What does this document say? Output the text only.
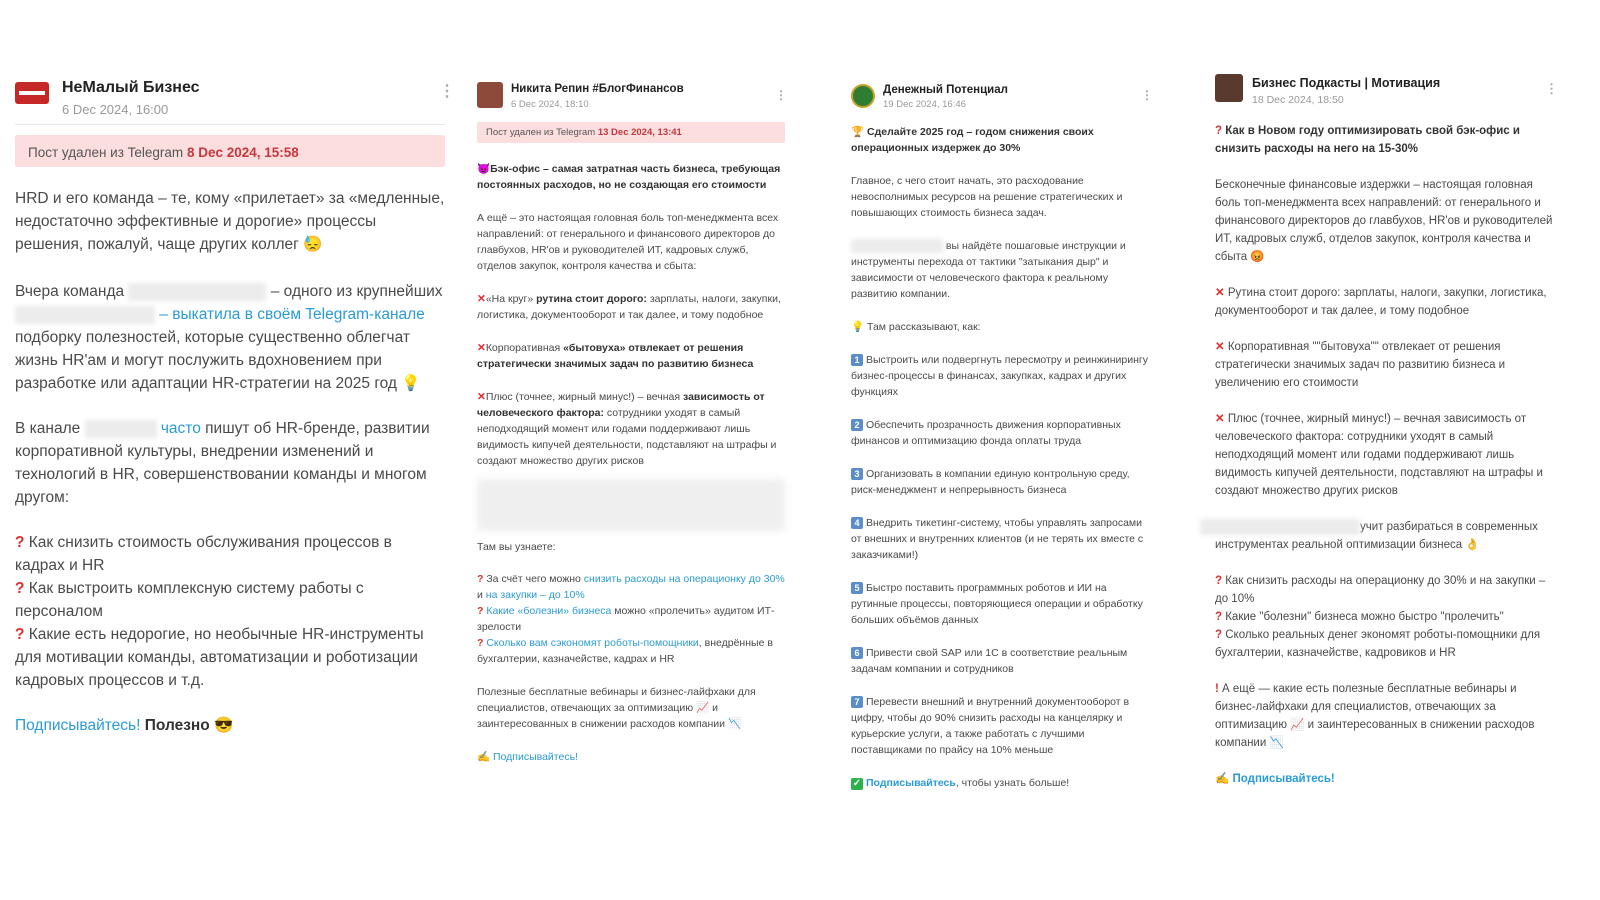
НеМалый Бизнес
6 Dec 2024, 16:00
⋮
Пост удален из Telegram 8 Dec 2024, 15:58

HRD и его команда – те, кому «прилетает» за «медленные, недостаточно эффективные и дорогие» процессы решения, пожалуй, чаще других коллег 😓

Вчера команда	– одного из крупнейших  – выкатила в своём Telegram-канале подборку полезностей, которые существенно облегчат жизнь HR'ам и могут послужить вдохновением при разработке или адаптации HR-стратегии на 2025 год 💡

В канале	часто пишут об HR-бренде, развитии корпоративной культуры, внедрении изменений и технологий в HR, совершенствовании команды и многом другом:

? Как снизить стоимость обслуживания процессов в кадрах и HR

? Как выстроить комплексную систему работы с персоналом

? Какие есть недорогие, но необычные HR-инструменты для мотивации команды, автоматизации и роботизации кадровых процессов и т.д.

Подписывайтесь! Полезно 😎

Никита Репин #БлогФинансов
6 Dec 2024, 18:10
⋮
Пост удален из Telegram 13 Dec 2024, 13:41

😈Бэк-офис – самая затратная часть бизнеса, требующая постоянных расходов, но не создающая его стоимости

А ещё – это настоящая головная боль топ-менеджмента всех направлений: от генерального и финансового директоров до главбухов, HR'ов и руководителей ИТ, кадровых служб, отделов закупок, контроля качества и сбыта:

✕«На круг» рутина стоит дорого: зарплаты, налоги, закупки, логистика, документооборот и так далее, и тому подобное

✕Корпоративная «бытовуха» отвлекает от решения стратегически значимых задач по развитию бизнеса

✕Плюс (точнее, жирный минус!) – вечная зависимость от человеческого фактора: сотрудники уходят в самый неподходящий момент или годами поддерживают лишь видимость кипучей деятельности, подставляют на штрафы и создают множество других рисков

Там вы узнаете:

? За счёт чего можно снизить расходы на операционку до 30% и на закупки – до 10%

? Какие «болезни» бизнеса можно «пролечить» аудитом ИТ-зрелости

? Сколько вам сэкономят роботы-помощники, внедрённые в бухгалтерии, казначействе, кадрах и HR

Полезные бесплатные вебинары и бизнес-лайфхаки для специалистов, отвечающих за оптимизацию 📈 и заинтересованных в снижении расходов компании 📉

✍ Подписывайтесь!

Денежный Потенциал
19 Dec 2024, 16:46
⋮

🏆 Сделайте 2025 год – годом снижения своих операционных издержек до 30%

Главное, с чего стоит начать, это расходование невосполнимых ресурсов на решение стратегических и повышающих стоимость бизнеса задач.

вы найдёте пошаговые инструкции и инструменты перехода от тактики "затыкания дыр" и зависимости от человеческого фактора к реальному развитию компании.

💡 Там рассказывают, как:

1 Выстроить или подвергнуть пересмотру и реинжинирингу бизнес-процессы в финансах, закупках, кадрах и других функциях

2 Обеспечить прозрачность движения корпоративных финансов и оптимизацию фонда оплаты труда

3 Организовать в компании единую контрольную среду, риск-менеджмент и непрерывность бизнеса

4 Внедрить тикетинг-систему, чтобы управлять запросами от внешних и внутренних клиентов (и не терять их вместе с заказчиками!)

5 Быстро поставить программных роботов и ИИ на рутинные процессы, повторяющиеся операции и обработку больших объёмов данных

6 Привести свой SAP или 1С в соответствие реальным задачам компании и сотрудников

7 Перевести внешний и внутренний документооборот в цифру, чтобы до 90% снизить расходы на канцелярку и курьерские услуги, а также работать с лучшими поставщиками по прайсу на 10% меньше

✓ Подписывайтесь, чтобы узнать больше!

Бизнес Подкасты | Мотивация
18 Dec 2024, 18:50
⋮

? Как в Новом году оптимизировать свой бэк-офис и снизить расходы на него на 15-30%

Бесконечные финансовые издержки – настоящая головная боль топ-менеджмента всех направлений: от генерального и финансового директоров до главбухов, HR'ов и руководителей ИТ, кадровых служб, отделов закупок, контроля качества и сбыта 😡

✕ Рутина стоит дорого: зарплаты, налоги, закупки, логистика, документооборот и так далее, и тому подобное

✕ Корпоративная ""бытовуха"" отвлекает от решения стратегически значимых задач по развитию бизнеса и увеличению его стоимости

✕ Плюс (точнее, жирный минус!) – вечная зависимость от человеческого фактора: сотрудники уходят в самый неподходящий момент или годами поддерживают лишь видимость кипучей деятельности, подставляют на штрафы и создают множество других рисков

учит разбираться в современных инструментах реальной оптимизации бизнеса 👌

? Как снизить расходы на операционку до 30% и на закупки – до 10%

? Какие "болезни" бизнеса можно быстро "пролечить"

? Сколько реальных денег экономят роботы-помощники для бухгалтерии, казначействе, кадровиков и HR

! А ещё — какие есть полезные бесплатные вебинары и бизнес-лайфхаки для специалистов, отвечающих за оптимизацию 📈 и заинтересованных в снижении расходов компании 📉

✍ Подписывайтесь!
